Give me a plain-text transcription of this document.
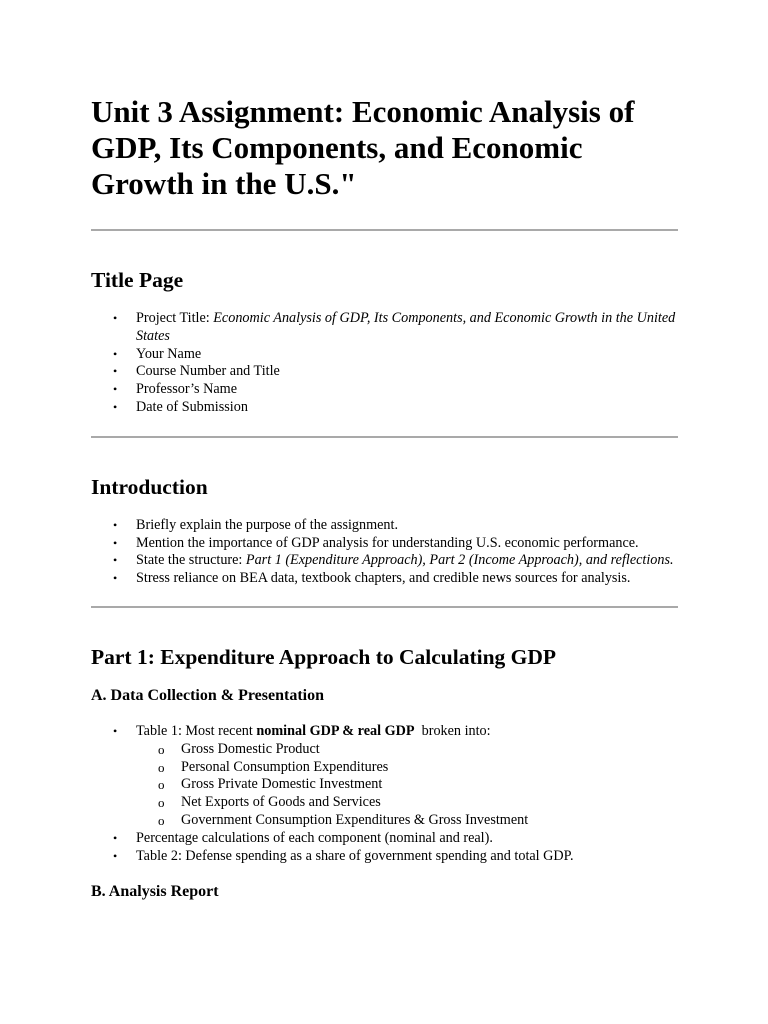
Unit 3 Assignment: Economic Analysis of GDP, Its Components, and Economic Growth in the U.S."
Title Page
• Project Title: Economic Analysis of GDP, Its Components, and Economic Growth in the United States
• Your Name
• Course Number and Title
• Professor’s Name
• Date of Submission
Introduction
• Briefly explain the purpose of the assignment.
• Mention the importance of GDP analysis for understanding U.S. economic performance.
• State the structure: Part 1 (Expenditure Approach), Part 2 (Income Approach), and reflections.
• Stress reliance on BEA data, textbook chapters, and credible news sources for analysis.
Part 1: Expenditure Approach to Calculating GDP
A. Data Collection & Presentation
• Table 1: Most recent nominal GDP & real GDP  broken into:
o Gross Domestic Product
o Personal Consumption Expenditures
o Gross Private Domestic Investment
o Net Exports of Goods and Services
o Government Consumption Expenditures & Gross Investment
• Percentage calculations of each component (nominal and real).
• Table 2: Defense spending as a share of government spending and total GDP.
B. Analysis Report
